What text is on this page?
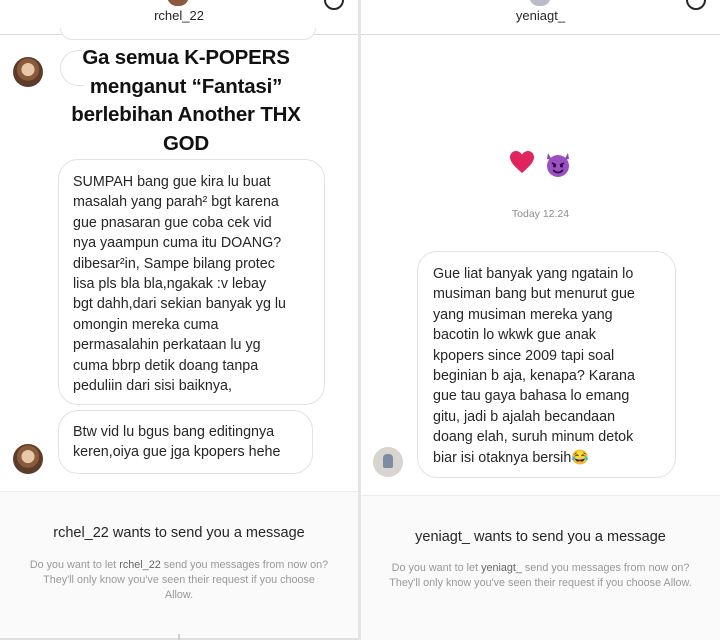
rchel_22
Ga semua K-POPERS menganut “Fantasi” berlebihan Another THX GOD
SUMPAH bang gue kira lu buat
masalah yang parah² bgt karena
gue pnasaran gue coba cek vid
nya yaampun cuma itu DOANG?
dibesar²in, Sampe bilang protec
lisa pls bla bla,ngakak :v lebay
bgt dahh,dari sekian banyak yg lu
omongin mereka cuma
permasalahin perkataan lu yg
cuma bbrp detik doang tanpa
peduliin dari sisi baiknya,
Btw vid lu bgus bang editingnya
keren,oiya gue jga kpopers hehe
rchel_22 wants to send you a message
Do you want to let rchel_22 send you messages from now on? They'll only know you've seen their request if you choose Allow.
yeniagt_

Today 12.24
Gue liat banyak yang ngatain lo
musiman bang but menurut gue
yang musiman mereka yang
bacotin lo wkwk gue anak
kpopers since 2009 tapi soal
beginian b aja, kenapa? Karana
gue tau gaya bahasa lo emang
gitu, jadi b ajalah becandaan
doang elah, suruh minum detok
biar isi otaknya bersih😂
yeniagt_ wants to send you a message
Do you want to let yeniagt_ send you messages from now on? They'll only know you've seen their request if you choose Allow.
